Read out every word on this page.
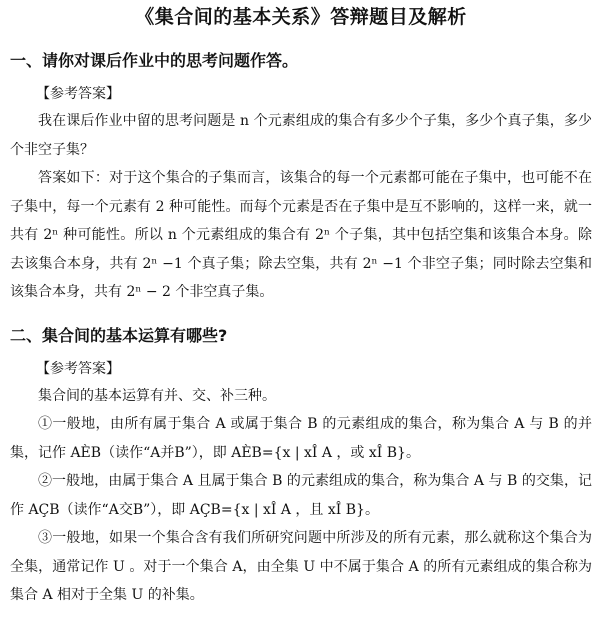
《集合间的基本关系》答辩题目及解析
一、请你对课后作业中的思考问题作答。
【参考答案】

我在课后作业中留的思考问题是 n 个元素组成的集合有多少个子集，多少个真子集，多少个非空子集？

答案如下：对于这个集合的子集而言，该集合的每一个元素都可能在子集中，也可能不在子集中，每一个元素有 2 种可能性。而每个元素是否在子集中是互不影响的，这样一来，就一共有 2ⁿ 种可能性。所以 n 个元素组成的集合有 2ⁿ 个子集，其中包括空集和该集合本身。除去该集合本身，共有 2ⁿ −1 个真子集；除去空集，共有 2ⁿ −1 个非空子集；同时除去空集和该集合本身，共有 2ⁿ − 2 个非空真子集。

二、集合间的基本运算有哪些?
【参考答案】

集合间的基本运算有并、交、补三种。

①一般地，由所有属于集合 A 或属于集合 B 的元素组成的集合，称为集合 A 与 B 的并集，记作 AÈB（读作“A并B”），即 AÈB={x | xÎ A ，或 xÎ B}。

②一般地，由属于集合 A 且属于集合 B 的元素组成的集合，称为集合 A 与 B 的交集，记作 AÇB（读作“A交B”），即 AÇB={x | xÎ A ，且 xÎ B}。

③一般地，如果一个集合含有我们所研究问题中所涉及的所有元素，那么就称这个集合为全集，通常记作 U 。对于一个集合 A，由全集 U 中不属于集合 A 的所有元素组成的集合称为集合 A 相对于全集 U 的补集。
